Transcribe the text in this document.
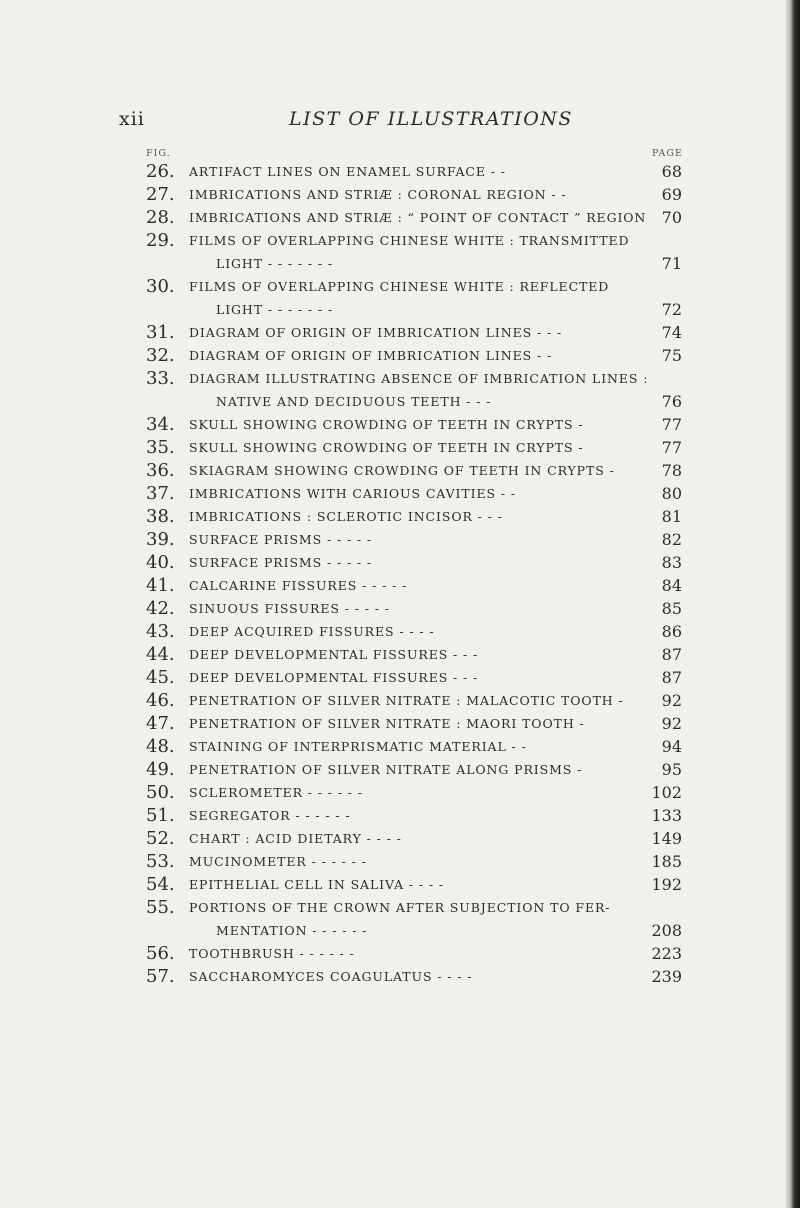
xii	LIST OF ILLUSTRATIONS
FIG.	PAGE
26.	ARTIFACT LINES ON ENAMEL SURFACE - -	68
27.	IMBRICATIONS AND STRIÆ : CORONAL REGION - -	69
28.	IMBRICATIONS AND STRIÆ : “ POINT OF CONTACT ” REGION 70
29.	FILMS OF OVERLAPPING CHINESE WHITE : TRANSMITTED
LIGHT - - - - - - -	71
30.	FILMS OF OVERLAPPING CHINESE WHITE : REFLECTED
LIGHT - - - - - - -	72
31.	DIAGRAM OF ORIGIN OF IMBRICATION LINES - - -	74
32.	DIAGRAM OF ORIGIN OF IMBRICATION LINES - -	75
33.	DIAGRAM ILLUSTRATING ABSENCE OF IMBRICATION LINES :
NATIVE AND DECIDUOUS TEETH - - -	76
34.	SKULL SHOWING CROWDING OF TEETH IN CRYPTS -	77
35.	SKULL SHOWING CROWDING OF TEETH IN CRYPTS -	77
36.	SKIAGRAM SHOWING CROWDING OF TEETH IN CRYPTS -	78
37.	IMBRICATIONS WITH CARIOUS CAVITIES - -	80
38.	IMBRICATIONS : SCLEROTIC INCISOR - - -	81
39.	SURFACE PRISMS - - - - -	82
40.	SURFACE PRISMS - - - - -	83
41.	CALCARINE FISSURES - - - - -	84
42.	SINUOUS FISSURES - - - - -	85
43.	DEEP ACQUIRED FISSURES - - - -	86
44.	DEEP DEVELOPMENTAL FISSURES - - -	87
45.	DEEP DEVELOPMENTAL FISSURES - - -	87
46.	PENETRATION OF SILVER NITRATE : MALACOTIC TOOTH - 92
47.	PENETRATION OF SILVER NITRATE : MAORI TOOTH -	92
48.	STAINING OF INTERPRISMATIC MATERIAL - -	94
49.	PENETRATION OF SILVER NITRATE ALONG PRISMS -	95
50.	SCLEROMETER - - - - - -	102
51.	SEGREGATOR - - - - - -	133
52.	CHART : ACID DIETARY - - - -	149
53.	MUCINOMETER - - - - - -	185
54.	EPITHELIAL CELL IN SALIVA - - - -	192
55.	PORTIONS OF THE CROWN AFTER SUBJECTION TO FER-
MENTATION - - - - - -	208
56.	TOOTHBRUSH - - - - - -	223
57.	SACCHAROMYCES COAGULATUS - - - -	239
